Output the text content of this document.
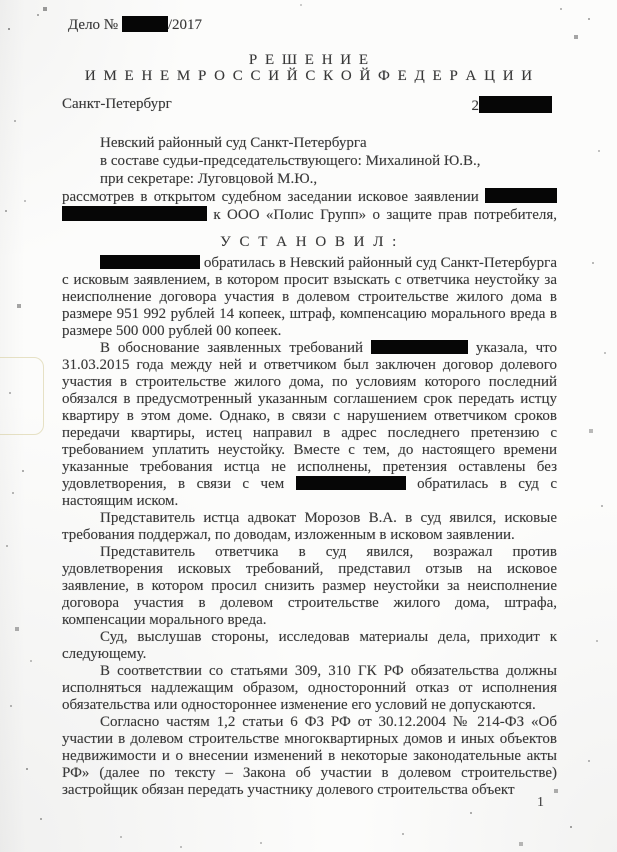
Дело №	/2017
Р Е Ш Е Н И Е
И М Е Н Е М Р О С С И Й С К О Й Ф Е Д Е Р А Ц И И
Санкт-Петербург	2
Невский районный суд Санкт-Петербурга
в составе судьи-председательствующего: Михалиной Ю.В.,
при секретаре: Луговцовой М.Ю.,
рассмотрев в открытом судебном заседании исковое заявлении
к ООО «Полис Групп» о защите прав потребителя,
У С Т А Н О В И Л :

обратилась в Невский районный суд Санкт-Петербурга с исковым заявлением, в котором просит взыскать с ответчика неустойку за неисполнение договора участия в долевом строительстве жилого дома в размере 951 992 рублей 14 копеек, штраф, компенсацию морального вреда в размере 500 000 рублей 00 копеек.

В обоснование заявленных требований	указала, что 31.03.2015 года между ней и ответчиком был заключен договор долевого участия в строительстве жилого дома, по условиям которого последний обязался в предусмотренный указанным соглашением срок передать истцу квартиру в этом доме. Однако, в связи с нарушением ответчиком сроков передачи квартиры, истец направил в адрес последнего претензию с требованием уплатить неустойку. Вместе с тем, до настоящего времени указанные требования истца не исполнены, претензия оставлены без удовлетворения, в связи с чем	обратилась в суд с настоящим иском.

Представитель истца адвокат Морозов В.А. в суд явился, исковые требования поддержал, по доводам, изложенным в исковом заявлении.

Представитель ответчика в суд явился, возражал против удовлетворения исковых требований, представил отзыв на исковое заявление, в котором просил снизить размер неустойки за неисполнение договора участия в долевом строительстве жилого дома, штрафа, компенсации морального вреда.

Суд, выслушав стороны, исследовав материалы дела, приходит к следующему.

В соответствии со статьями 309, 310 ГК РФ обязательства должны исполняться надлежащим образом, односторонний отказ от исполнения обязательства или одностороннее изменение его условий не допускаются.

Согласно частям 1,2 статьи 6 ФЗ РФ от 30.12.2004 № 214-ФЗ «Об участии в долевом строительстве многоквартирных домов и иных объектов недвижимости и о внесении изменений в некоторые законодательные акты РФ» (далее по тексту – Закона об участии в долевом строительстве) застройщик обязан передать участнику долевого строительства объект

1
